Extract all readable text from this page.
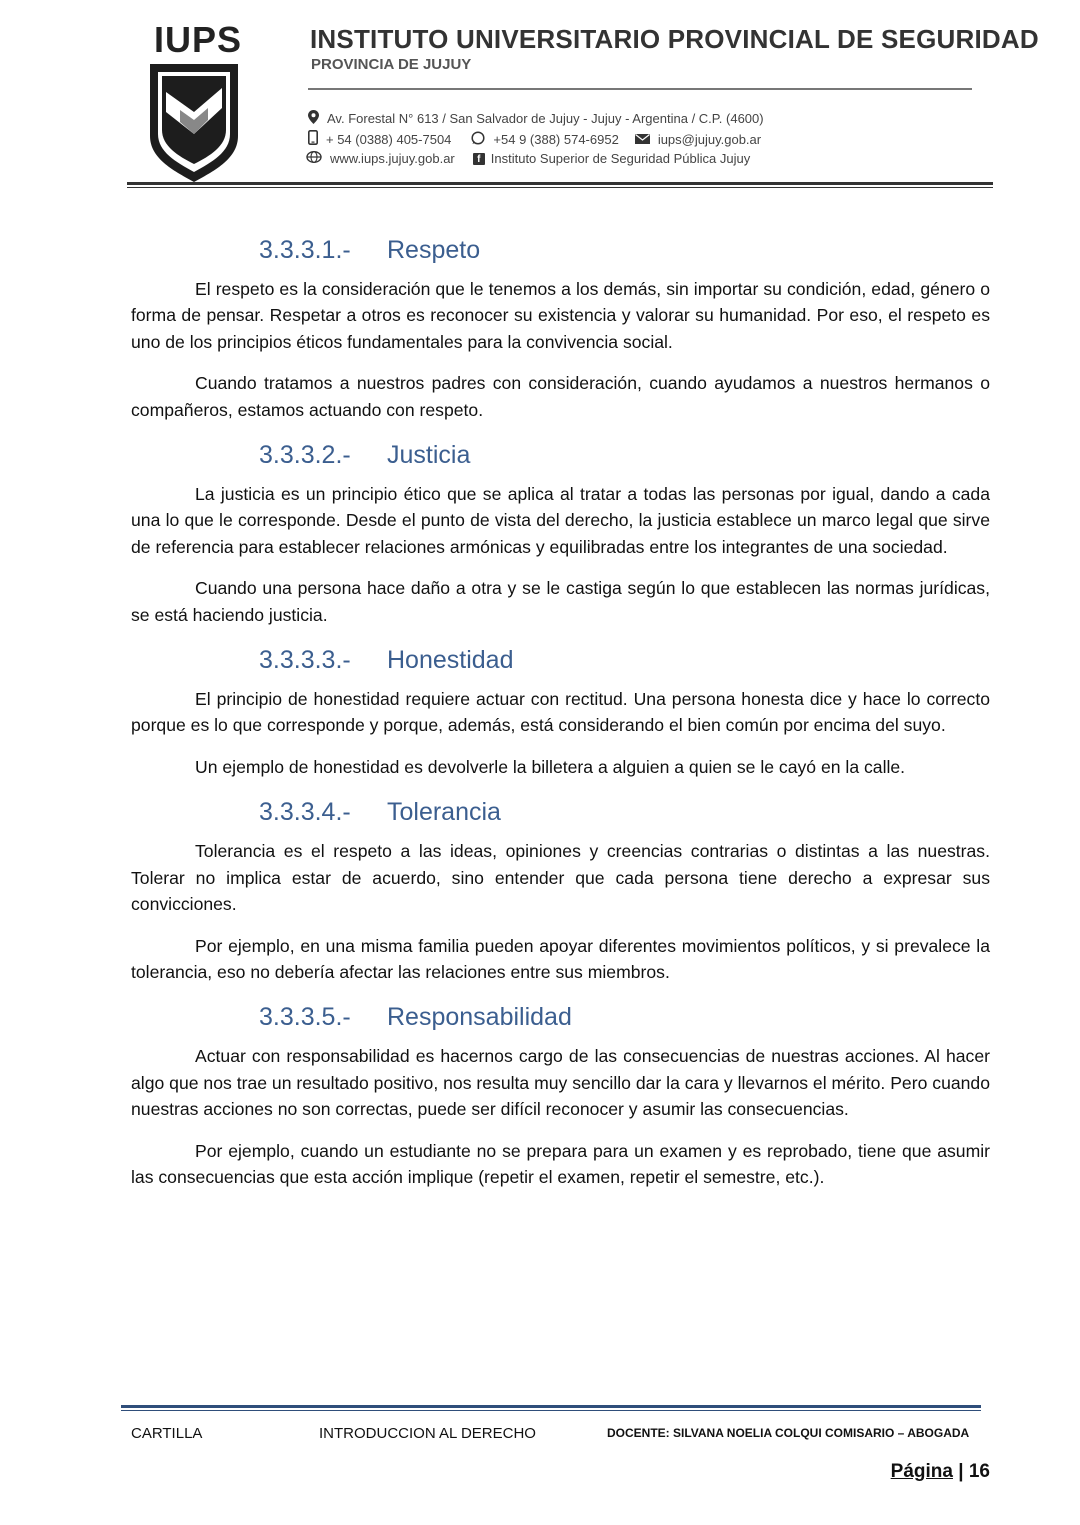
IUPS	INSTITUTO UNIVERSITARIO PROVINCIAL DE SEGURIDAD
PROVINCIA DE JUJUY
Av. Forestal N° 613 / San Salvador de Jujuy - Jujuy - Argentina / C.P. (4600)
+ 54 (0388) 405-7504	+54 9 (388) 574-6952	iups@jujuy.gob.ar
www.iups.jujuy.gob.ar	f Instituto Superior de Seguridad Pública Jujuy
3.3.3.1.- Respeto

El respeto es la consideración que le tenemos a los demás, sin importar su condición, edad, género o forma de pensar. Respetar a otros es reconocer su existencia y valorar su humanidad. Por eso, el respeto es uno de los principios éticos fundamentales para la convivencia social.

Cuando tratamos a nuestros padres con consideración, cuando ayudamos a nuestros hermanos o compañeros, estamos actuando con respeto.

3.3.3.2.- Justicia

La justicia es un principio ético que se aplica al tratar a todas las personas por igual, dando a cada una lo que le corresponde. Desde el punto de vista del derecho, la justicia establece un marco legal que sirve de referencia para establecer relaciones armónicas y equilibradas entre los integrantes de una sociedad.

Cuando una persona hace daño a otra y se le castiga según lo que establecen las normas jurídicas, se está haciendo justicia.

3.3.3.3.- Honestidad

El principio de honestidad requiere actuar con rectitud. Una persona honesta dice y hace lo correcto porque es lo que corresponde y porque, además, está considerando el bien común por encima del suyo.

Un ejemplo de honestidad es devolverle la billetera a alguien a quien se le cayó en la calle.

3.3.3.4.- Tolerancia

Tolerancia es el respeto a las ideas, opiniones y creencias contrarias o distintas a las nuestras. Tolerar no implica estar de acuerdo, sino entender que cada persona tiene derecho a expresar sus convicciones.

Por ejemplo, en una misma familia pueden apoyar diferentes movimientos políticos, y si prevalece la tolerancia, eso no debería afectar las relaciones entre sus miembros.

3.3.3.5.- Responsabilidad

Actuar con responsabilidad es hacernos cargo de las consecuencias de nuestras acciones. Al hacer algo que nos trae un resultado positivo, nos resulta muy sencillo dar la cara y llevarnos el mérito. Pero cuando nuestras acciones no son correctas, puede ser difícil reconocer y asumir las consecuencias.

Por ejemplo, cuando un estudiante no se prepara para un examen y es reprobado, tiene que asumir las consecuencias que esta acción implique (repetir el examen, repetir el semestre, etc.).

CARTILLA	INTRODUCCION AL DERECHO	DOCENTE: SILVANA NOELIA COLQUI COMISARIO – ABOGADA
Página | 16
